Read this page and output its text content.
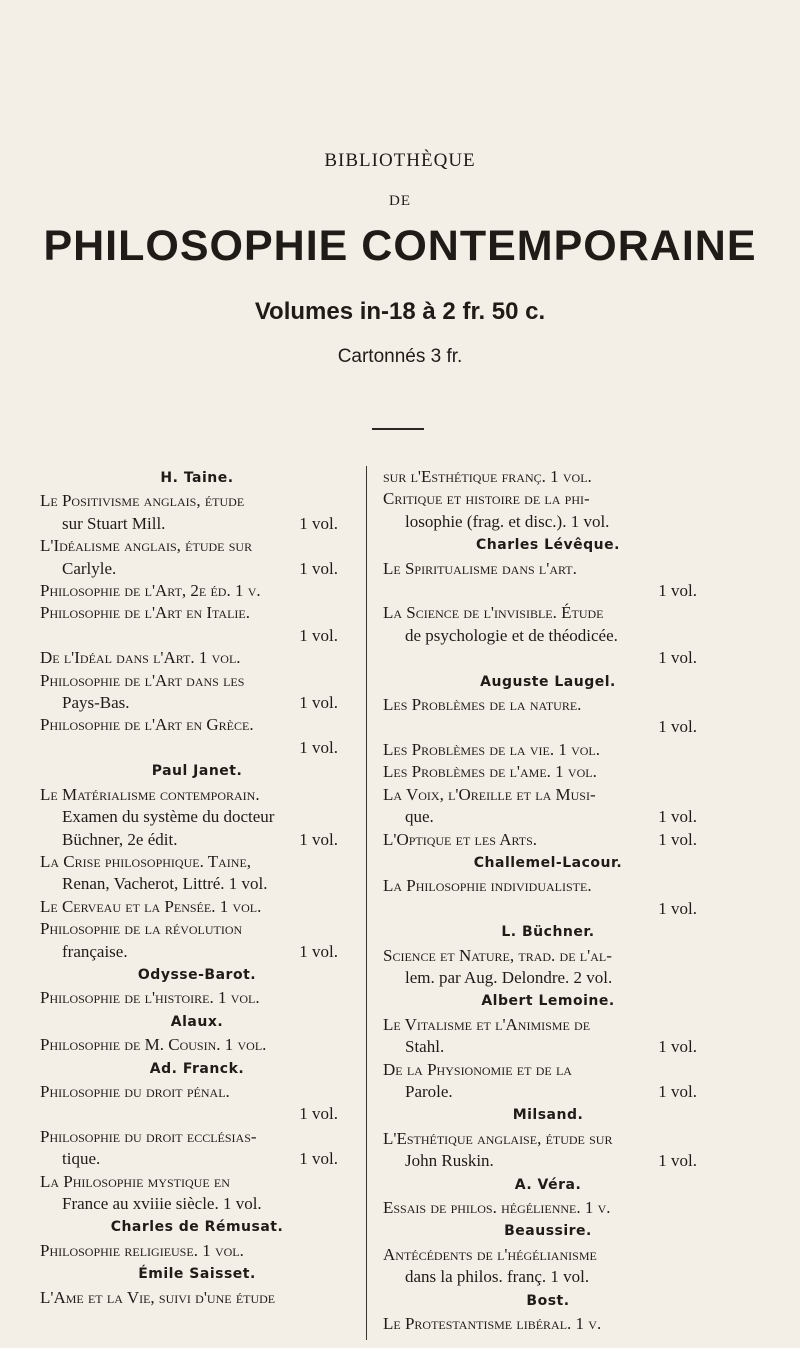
BIBLIOTHÈQUE
DE
PHILOSOPHIE CONTEMPORAINE
Volumes in-18 à 2 fr. 50 c.
Cartonnés 3 fr.
H. Taine.
Le Positivisme anglais, étude
sur Stuart Mill.	1 vol.
L'Idéalisme anglais, étude sur
Carlyle.	1 vol.
Philosophie de l'Art, 2e éd. 1 v.
Philosophie de l'Art en Italie.
1 vol.
De l'Idéal dans l'Art. 1 vol.
Philosophie de l'Art dans les
Pays-Bas.	1 vol.
Philosophie de l'Art en Grèce.
1 vol.
Paul Janet.
Le Matérialisme contemporain.
Examen du système du docteur
Büchner, 2e édit.	1 vol.
La Crise philosophique. Taine,
Renan, Vacherot, Littré. 1 vol.
Le Cerveau et la Pensée. 1 vol.
Philosophie de la révolution
française.	1 vol.
Odysse-Barot.
Philosophie de l'histoire. 1 vol.
Alaux.
Philosophie de M. Cousin. 1 vol.
Ad. Franck.
Philosophie du droit pénal.
1 vol.
Philosophie du droit ecclésias-
tique.	1 vol.
La Philosophie mystique en
France au xviiie siècle. 1 vol.
Charles de Rémusat.
Philosophie religieuse. 1 vol.
Émile Saisset.
L'Ame et la Vie, suivi d'une étude
sur l'Esthétique franç. 1 vol.
Critique et histoire de la phi-
losophie (frag. et disc.). 1 vol.
Charles Lévêque.
Le Spiritualisme dans l'art.
1 vol.
La Science de l'invisible. Étude
de psychologie et de théodicée.
1 vol.
Auguste Laugel.
Les Problèmes de la nature.
1 vol.
Les Problèmes de la vie. 1 vol.
Les Problèmes de l'ame. 1 vol.
La Voix, l'Oreille et la Musi-
que.	1 vol.
L'Optique et les Arts.	1 vol.
Challemel-Lacour.
La Philosophie individualiste.
1 vol.
L. Büchner.
Science et Nature, trad. de l'al-
lem. par Aug. Delondre. 2 vol.
Albert Lemoine.
Le Vitalisme et l'Animisme de
Stahl.	1 vol.
De la Physionomie et de la
Parole.	1 vol.
Milsand.
L'Esthétique anglaise, étude sur
John Ruskin.	1 vol.
A. Véra.
Essais de philos. hégélienne. 1 v.
Beaussire.
Antécédents de l'hégélianisme
dans la philos. franç. 1 vol.
Bost.
Le Protestantisme libéral. 1 v.
